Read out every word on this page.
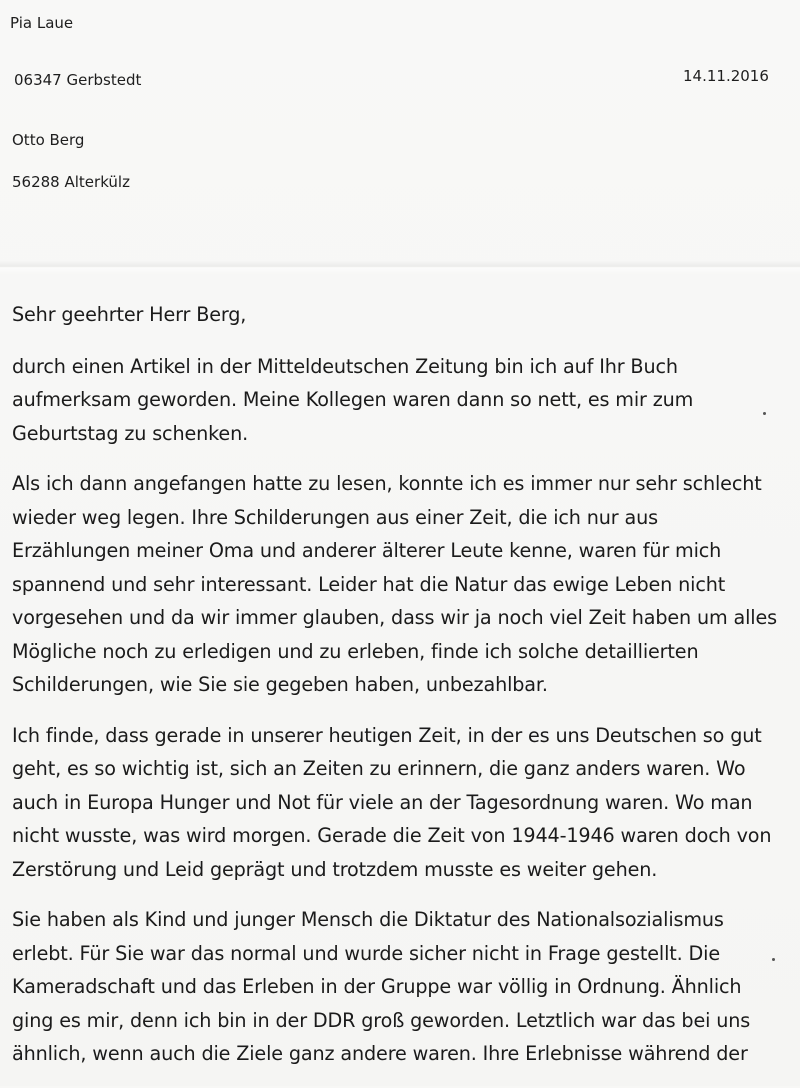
Pia Laue
06347 Gerbstedt	14.11.2016
Otto Berg
56288 Alterkülz
Sehr geehrter Herr Berg,
durch einen Artikel in der Mitteldeutschen Zeitung bin ich auf Ihr Buch
aufmerksam geworden. Meine Kollegen waren dann so nett, es mir zum
Geburtstag zu schenken.
Als ich dann angefangen hatte zu lesen, konnte ich es immer nur sehr schlecht
wieder weg legen. Ihre Schilderungen aus einer Zeit, die ich nur aus
Erzählungen meiner Oma und anderer älterer Leute kenne, waren für mich
spannend und sehr interessant. Leider hat die Natur das ewige Leben nicht
vorgesehen und da wir immer glauben, dass wir ja noch viel Zeit haben um alles
Mögliche noch zu erledigen und zu erleben, finde ich solche detaillierten
Schilderungen, wie Sie sie gegeben haben, unbezahlbar.
Ich finde, dass gerade in unserer heutigen Zeit, in der es uns Deutschen so gut
geht, es so wichtig ist, sich an Zeiten zu erinnern, die ganz anders waren. Wo
auch in Europa Hunger und Not für viele an der Tagesordnung waren. Wo man
nicht wusste, was wird morgen. Gerade die Zeit von 1944-1946 waren doch von
Zerstörung und Leid geprägt und trotzdem musste es weiter gehen.
Sie haben als Kind und junger Mensch die Diktatur des Nationalsozialismus
erlebt. Für Sie war das normal und wurde sicher nicht in Frage gestellt. Die
Kameradschaft und das Erleben in der Gruppe war völlig in Ordnung. Ähnlich
ging es mir, denn ich bin in der DDR groß geworden. Letztlich war das bei uns
ähnlich, wenn auch die Ziele ganz andere waren. Ihre Erlebnisse während der
